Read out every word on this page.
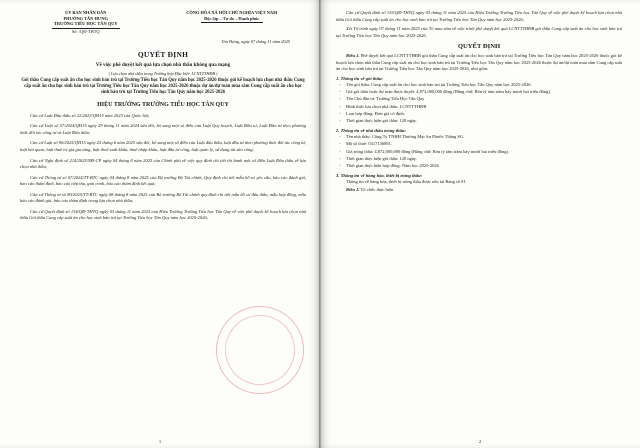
ỦY BAN NHÂN DÂN
PHƯỜNG TÂN HƯNG
TRƯỜNG TIỂU HỌC TÂN QUY
Số: /QĐ-THTQ
CỘNG HÒA XÃ HỘI CHỦ NGHĨA VIỆT NAM
Độc lập – Tự do – Hạnh phúc
Tân Hưng, ngày 07 tháng 11 năm 2025
QUYẾT ĐỊNH
Về việc phê duyệt kết quả lựa chọn nhà thầu không qua mạng
( Lựa chọn nhà thầu trong Trường hợp Đặc biệt- LCNTTTHĐB )
Gói thầu Cung cấp suất ăn cho học sinh bán trú tại Trường Tiểu học Tân Quy năm học 2025-2026 thuộc gói kế hoạch lựa chọn nhà thầu Cung cấp suất ăn cho học sinh bán trú tại Trường Tiểu học Tân Quy năm học 2025-2026 thuộc dự án/dự toán mua sắm Cung cấp suất ăn cho học sinh bán trú tại Trường Tiểu học Tân Quy năm học 2025-2026
HIỆU TRƯỞNG TRƯỜNG TIỂU HỌC TÂN QUY
Căn cứ Luật Đấu thầu số 22/2023/QH15 năm 2023 của Quốc hội;
Căn cứ Luật số 57/2024/QH15 ngày 29 tháng 11 năm 2024 sửa đổi, bổ sung một số điều của Luật Quy hoạch, Luật Đầu tư, Luật Đầu tư theo phương thức đối tác công tư và Luật Đấu thầu;
Căn cứ Luật số 90/2025/QH15 ngày 25 tháng 6 năm 2025 sửa đổi, bổ sung một số điều của Luật đấu thầu, luật đầu tư theo phương thức đối tác công tư, luật hải quan, luật thuế trị giá gia tăng, luật thuế xuất khẩu, thuế nhập khẩu, luật đầu tư công, luật quản lý, sử dụng tài sản công;
Căn cứ Nghị định số 214/2025/NĐ-CP ngày 04 tháng 8 năm 2025 của Chính phủ về việc quy định chi tiết thi hành một số điều Luật Đấu thầu về lựa chọn nhà thầu;
Căn cứ Thông tư số 07/2024/TT-BTC ngày 04 tháng 8 năm 2025 của Bộ trưởng Bộ Tài chính, Quy định chi tiết mẫu hồ sơ yêu cầu, báo cáo đánh giá, báo cáo thẩm định, báo cáo tiếp thu, giải trình, báo cáo thẩm định kết quả;
Căn cứ Thông tư số 80/2025/TT-BTC ngày 08 tháng 8 năm 2025 của Bộ trưởng Bộ Tài chính quy định chi tiết mẫu hồ sơ đấu thầu, mẫu hợp đồng, mẫu báo cáo đánh giá, báo cáo thẩm định trong lựa chọn nhà thầu;
Căn cứ Quyết định số 134/QĐ-THTQ ngày 03 tháng 11 năm 2025 của Hiệu Trưởng Trường Tiểu học Tân Quy về việc phê duyệt kế hoạch lựa chọn nhà thầu Gói thầu Cung cấp suất ăn cho học sinh bán trú tại Trường Tiểu học Tân Quy năm học 2025-2026;
1
Căn cứ Quyết định số 135/QĐ-THTQ ngày 03 tháng 11 năm 2025 của Hiệu Trưởng Trường Tiểu học Tân Quy về việc phê duyệt kế hoạch lựa chọn nhà thầu Gói thầu Cung cấp suất ăn cho học sinh bán trú tại Trường Tiểu học Tân Quy năm học 2025-2026;
Xét Tờ trình ngày 07 tháng 11 năm 2025 của Tổ mua sắm về việc trình phê duyệt kết quả LCNTTTHĐB gói thầu Cung cấp suất ăn cho học sinh bán trú tại Trường Tiểu học Tân Quy năm học 2025-2026.
QUYẾT ĐỊNH
Điều 1. Phê duyệt kết quả LCNTTTHĐB gói thầu Cung cấp suất ăn cho học sinh bán trú tại Trường Tiểu học Tân Quy năm học 2025-2026 thuộc gói kế hoạch lựa chọn nhà thầu Cung cấp suất ăn cho học sinh bán trú tại Trường Tiểu học Tân Quy năm học 2025-2026 thuộc dự án/dự toán mua sắm Cung cấp suất ăn cho học sinh bán trú tại Trường Tiểu học Tân Quy năm học 2025-2026, như gồm:
1. Thông tin về gói thầu:
- Tên gói thầu: Cung cấp suất ăn cho học sinh bán trú tại Trường Tiểu học Tân Quy năm học 2025-2026.
- Giá gói thầu hoặc dự toán được duyệt: 4,872,000,000 đồng (Bằng chữ: Bốn tỷ tám trăm bảy mươi hai triệu đồng).
- Tên Chủ đầu tư: Trường Tiểu Học Tân Quy
- Hình thức lựa chọn nhà thầu: LCNTTTHĐB
- Loại hợp đồng: Đơn giá cố định.
- Thời gian thực hiện gói thầu: 120 ngày.
2. Thông tin về nhà thầu trúng thầu:
- Tên nhà thầu: Công Ty TNHH Thương Mại An Phước Thắng SG.
- Mã số thuế: 0317136881.
- Giá trúng thầu: 4,872,000,000 đồng (Bằng chữ: Bốn tỷ tám trăm bảy mươi hai triệu đồng).
- Thời gian thực hiện gói thầu: 120 ngày.
- Thời gian thực hiện hợp đồng: Năm học 2025-2026
3. Thông tin về hàng hóa, thiết bị trúng thầu:
Thông tin về hàng hóa, thiết bị trúng thầu được nêu tại Bảng số 01.
Điều 2. Tổ chức thực hiện
2
